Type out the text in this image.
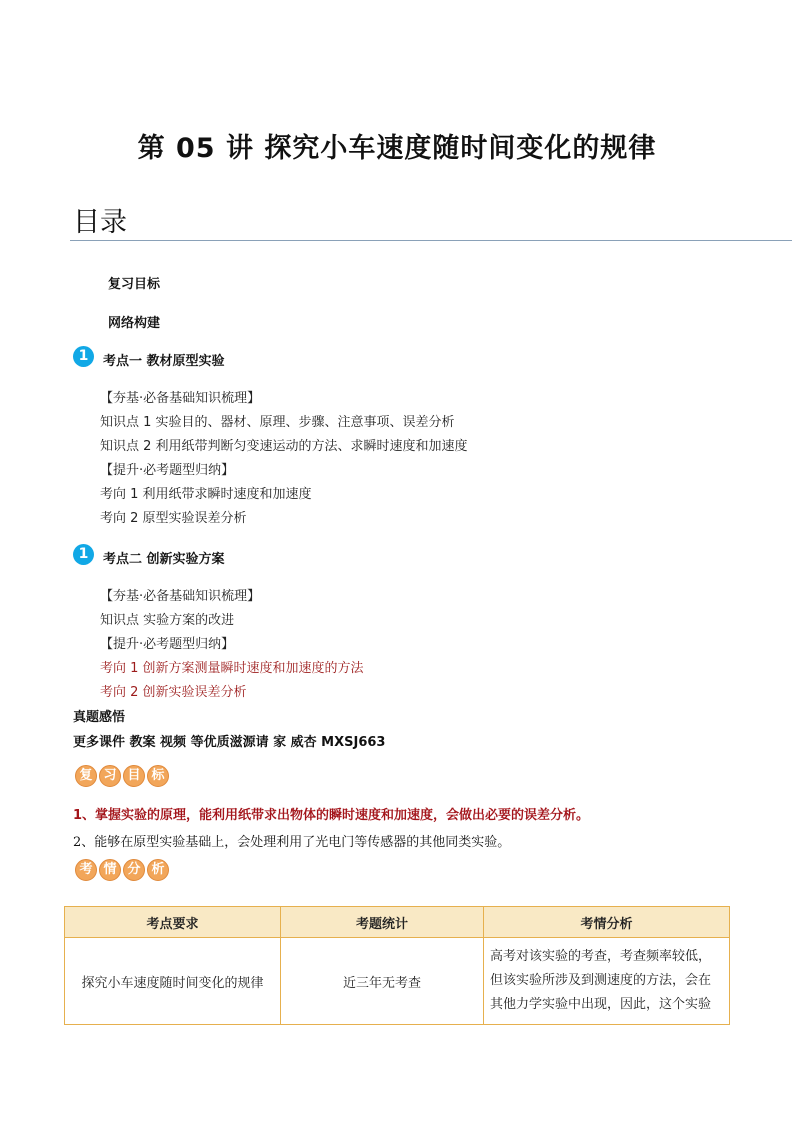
第 05 讲 探究小车速度随时间变化的规律
目录
复习目标
网络构建
1	考点一 教材原型实验
【夯基·必备基础知识梳理】
知识点 1 实验目的、器材、原理、步骤、注意事项、误差分析
知识点 2 利用纸带判断匀变速运动的方法、求瞬时速度和加速度
【提升·必考题型归纳】
考向 1 利用纸带求瞬时速度和加速度
考向 2 原型实验误差分析
1	考点二 创新实验方案
【夯基·必备基础知识梳理】
知识点 实验方案的改进
【提升·必考题型归纳】
考向 1 创新方案测量瞬时速度和加速度的方法
考向 2 创新实验误差分析
真题感悟
更多课件 教案 视频 等优质滋源请 家 威杏 MXSJ663
复 习 目 标
1、掌握实验的原理，能利用纸带求出物体的瞬时速度和加速度，会做出必要的误差分析。
2、能够在原型实验基础上，会处理利用了光电门等传感器的其他同类实验。
考 情 分 析
考点要求	考题统计	考情分析
探究小车速度随时间变化的规律	近三年无考查	高考对该实验的考查，考查频率较低，但该实验所涉及到测速度的方法，会在其他力学实验中出现，因此，这个实验
